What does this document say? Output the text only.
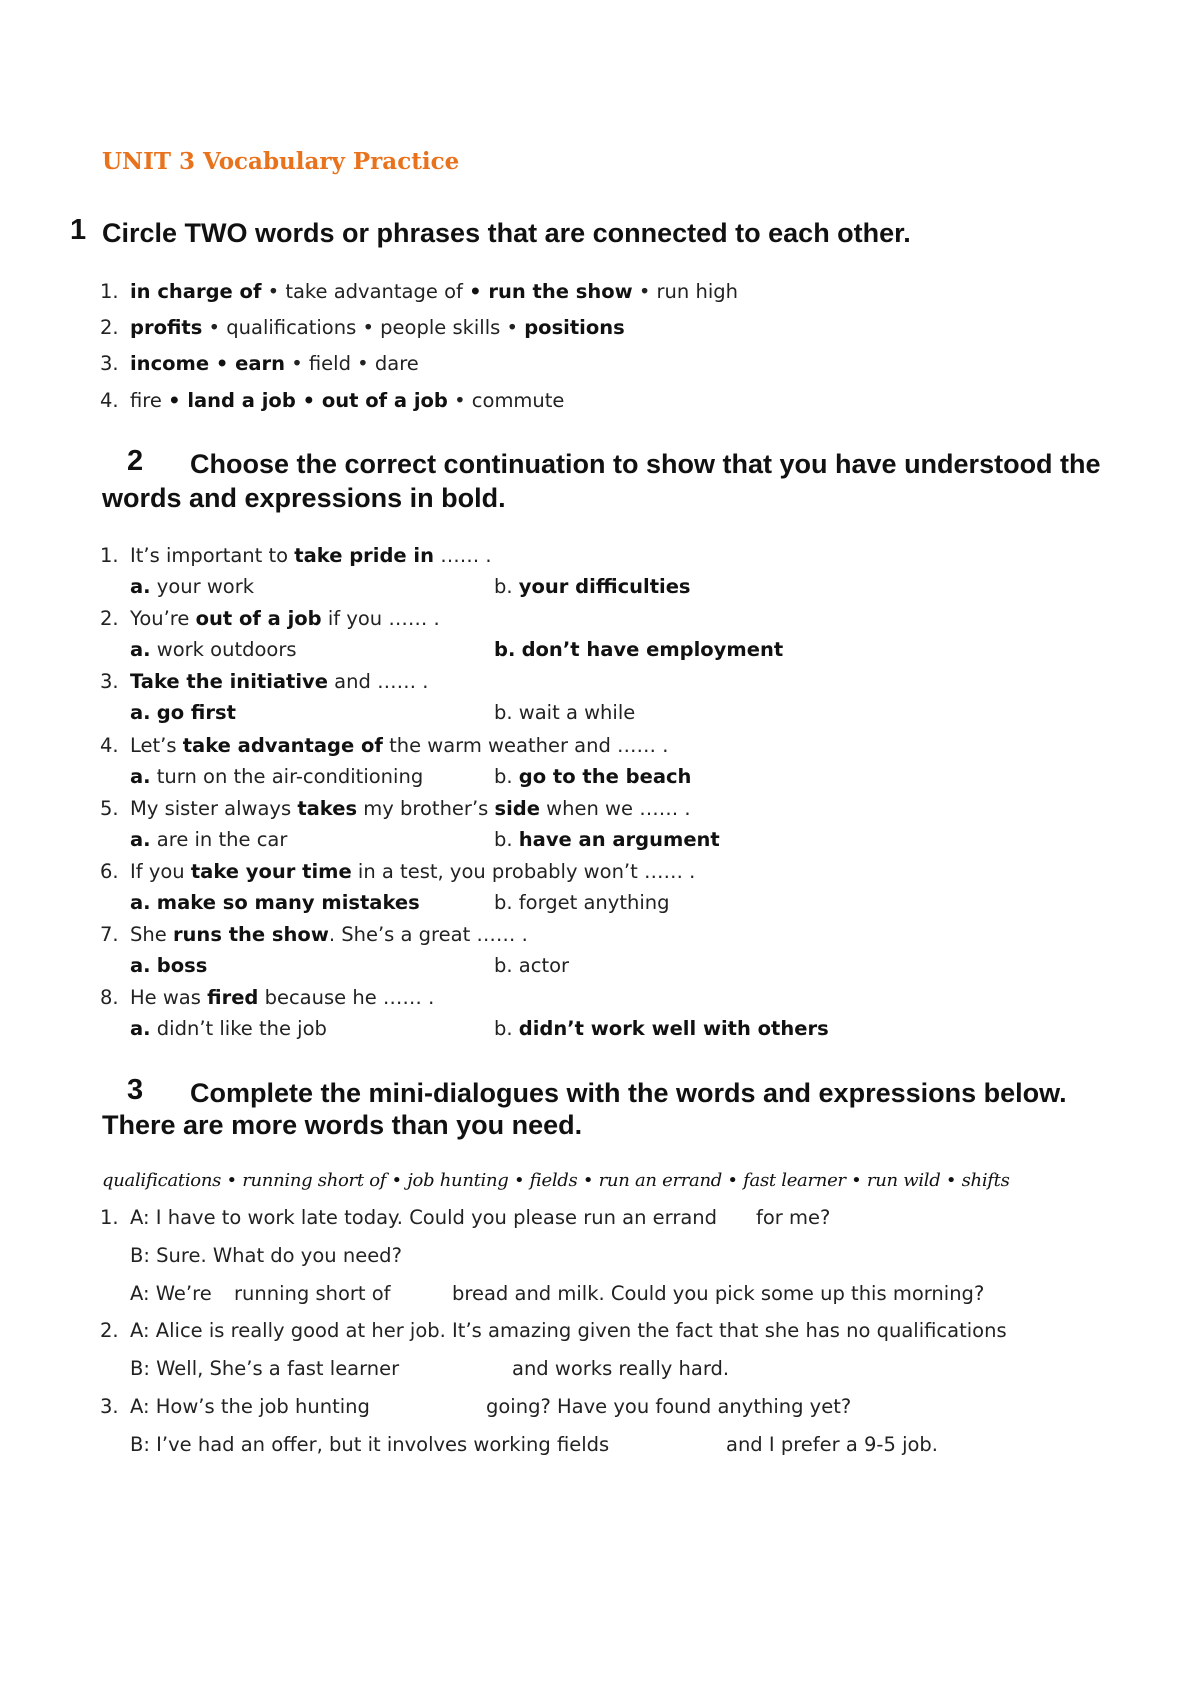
UNIT 3 Vocabulary Practice
1 Circle TWO words or phrases that are connected to each other.
1. in charge of • take advantage of • run the show • run high
2. profits • qualifications • people skills • positions
3. income • earn • field • dare
4. fire • land a job • out of a job • commute
2 Choose the correct continuation to show that you have understood the
words and expressions in bold.
1. It’s important to take pride in …… .
a. your work	b. your difficulties
2. You’re out of a job if you …… .
a. work outdoors	b. don’t have employment
3. Take the initiative and …… .
a. go first	b. wait a while
4. Let’s take advantage of the warm weather and …… .
a. turn on the air-conditioning	b. go to the beach
5. My sister always takes my brother’s side when we …… .
a. are in the car	b. have an argument
6. If you take your time in a test, you probably won’t …… .
a. make so many mistakes	b. forget anything
7. She runs the show. She’s a great …… .
a. boss	b. actor
8. He was fired because he …… .
a. didn’t like the job	b. didn’t work well with others
3 Complete the mini-dialogues with the words and expressions below.
There are more words than you need.
qualifications • running short of • job hunting • fields • run an errand • fast learner • run wild • shifts
1. A: I have to work late today. Could you please run an errand for me?
B: Sure. What do you need?
A: We’re running short of	bread and milk. Could you pick some up this morning?
2. A: Alice is really good at her job. It’s amazing given the fact that she has no qualifications
B: Well, She’s a fast learner	and works really hard.
3. A: How’s the job hunting	going? Have you found anything yet?
B: I’ve had an offer, but it involves working fields	and I prefer a 9-5 job.
